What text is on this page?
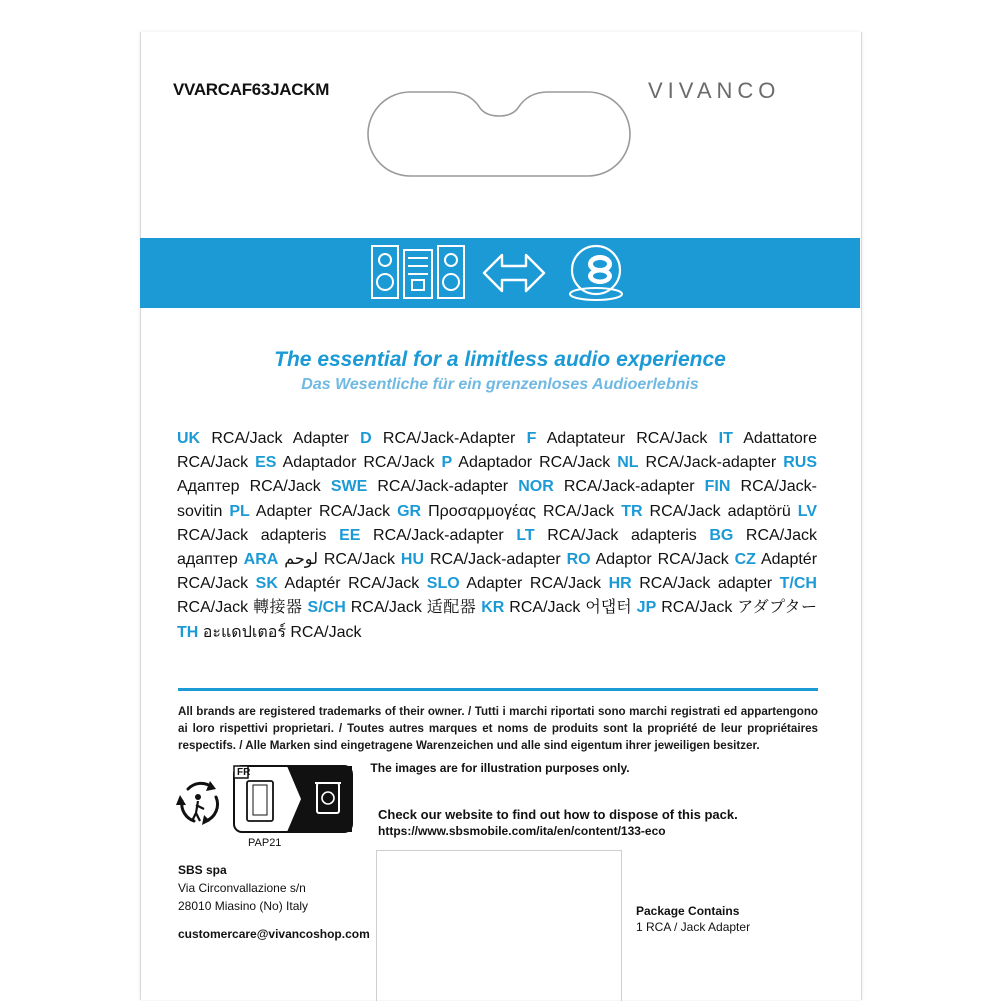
VVARCAF63JACKM	VIVANCO
The essential for a limitless audio experience
Das Wesentliche für ein grenzenloses Audioerlebnis
UK RCA/Jack Adapter D RCA/Jack-Adapter F Adaptateur RCA/Jack IT Adattatore RCA/Jack ES Adaptador RCA/Jack P Adaptador RCA/Jack NL RCA/Jack-adapter RUS Адаптер RCA/Jack SWE RCA/Jack-adapter NOR RCA/Jack-adapter FIN RCA/Jack-sovitin PL Adapter RCA/Jack GR Προσαρμογέας RCA/Jack TR RCA/Jack adaptörü LV RCA/Jack adapteris EE RCA/Jack-adapter LT RCA/Jack adapteris BG RCA/Jack адаптер ARA لوحم RCA/Jack HU RCA/Jack-adapter RO Adaptor RCA/Jack CZ Adaptér RCA/Jack SK Adaptér RCA/Jack SLO Adapter RCA/Jack HR RCA/Jack adapter T/CH RCA/Jack 轉接器 S/CH RCA/Jack 适配器 KR RCA/Jack 어댑터 JP RCA/Jack アダプター TH อะแดปเตอร์ RCA/Jack
All brands are registered trademarks of their owner. / Tutti i marchi riportati sono marchi registrati ed appartengono ai loro rispettivi proprietari. / Toutes autres marques et noms de produits sont la propriété de leur propriétaires respectifs. / Alle Marken sind eingetragene Warenzeichen und alle sind eigentum ihrer jeweiligen besitzer.
The images are for illustration purposes only.
FR
PAP21
Check our website to find out how to dispose of this pack.
https://www.sbsmobile.com/ita/en/content/133-eco
SBS spa
Via Circonvallazione s/n
28010 Miasino (No) Italy
customercare@vivancoshop.com
Package Contains
1 RCA / Jack Adapter
